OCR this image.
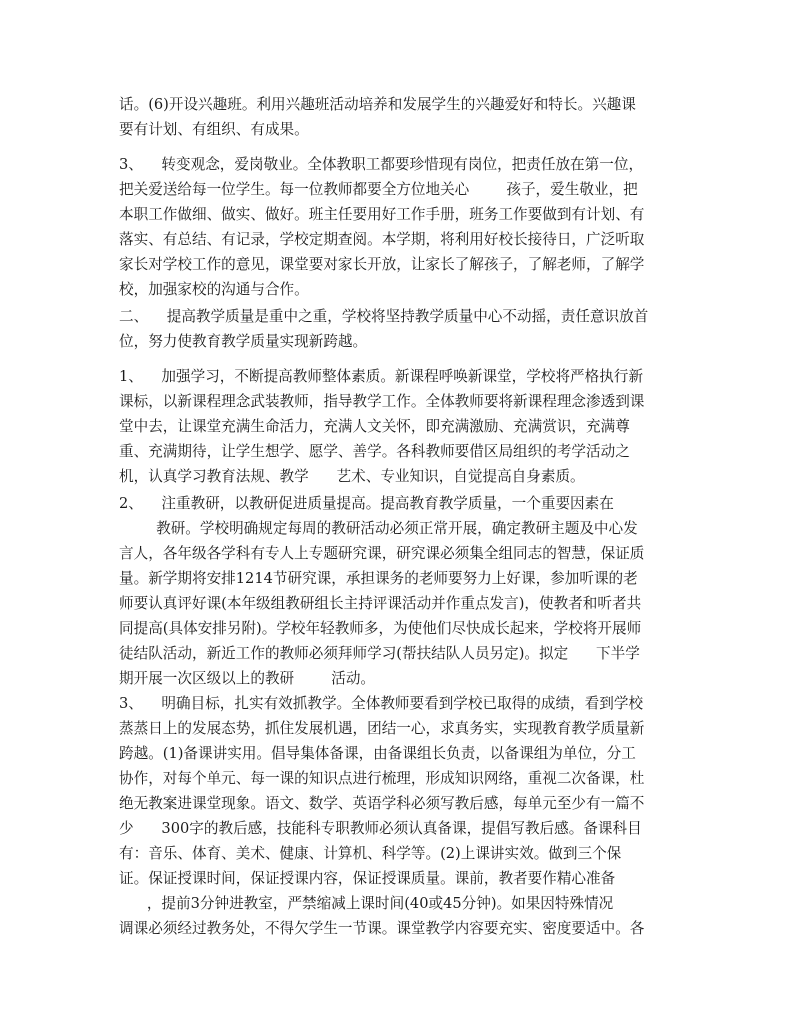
话。(6)开设兴趣班。利用兴趣班活动培养和发展学生的兴趣爱好和特长。兴趣课
要有计划、有组织、有成果。
3、    转变观念，爱岗敬业。全体教职工都要珍惜现有岗位，把责任放在第一位，
把关爱送给每一位学生。每一位教师都要全方位地关心        孩子，爱生敬业，把
本职工作做细、做实、做好。班主任要用好工作手册，班务工作要做到有计划、有
落实、有总结、有记录，学校定期查阅。本学期，将利用好校长接待日，广泛听取
家长对学校工作的意见，课堂要对家长开放，让家长了解孩子，了解老师，了解学
校，加强家校的沟通与合作。
二、    提高教学质量是重中之重，学校将坚持教学质量中心不动摇，责任意识放首
位，努力使教育教学质量实现新跨越。
1、    加强学习，不断提高教师整体素质。新课程呼唤新课堂，学校将严格执行新
课标，以新课程理念武装教师，指导教学工作。全体教师要将新课程理念渗透到课
堂中去，让课堂充满生命活力，充满人文关怀，即充满激励、充满赏识，充满尊
重、充满期待，让学生想学、愿学、善学。各科教师要借区局组织的考学活动之
机，认真学习教育法规、教学      艺术、专业知识，自觉提高自身素质。
2、    注重教研，以教研促进质量提高。提高教育教学质量，一个重要因素在
教研。学校明确规定每周的教研活动必须正常开展，确定教研主题及中心发
言人，各年级各学科有专人上专题研究课，研究课必须集全组同志的智慧，保证质
量。新学期将安排1214节研究课，承担课务的老师要努力上好课，参加听课的老
师要认真评好课(本年级组教研组长主持评课活动并作重点发言)，使教者和听者共
同提高(具体安排另附)。学校年轻教师多，为使他们尽快成长起来，学校将开展师
徒结队活动，新近工作的教师必须拜师学习(帮扶结队人员另定)。拟定      下半学
期开展一次区级以上的教研        活动。
3、    明确目标，扎实有效抓教学。全体教师要看到学校已取得的成绩，看到学校
蒸蒸日上的发展态势，抓住发展机遇，团结一心，求真务实，实现教育教学质量新
跨越。(1)备课讲实用。倡导集体备课，由备课组长负责，以备课组为单位，分工
协作，对每个单元、每一课的知识点进行梳理，形成知识网络，重视二次备课，杜
绝无教案进课堂现象。语文、数学、英语学科必须写教后感，每单元至少有一篇不
少      300字的教后感，技能科专职教师必须认真备课，提倡写教后感。备课科目
有：音乐、体育、美术、健康、计算机、科学等。(2)上课讲实效。做到三个保
证。保证授课时间，保证授课内容，保证授课质量。课前，教者要作精心准备
，提前3分钟进教室，严禁缩减上课时间(40或45分钟)。如果因特殊情况
调课必须经过教务处，不得欠学生一节课。课堂教学内容要充实、密度要适中。各
